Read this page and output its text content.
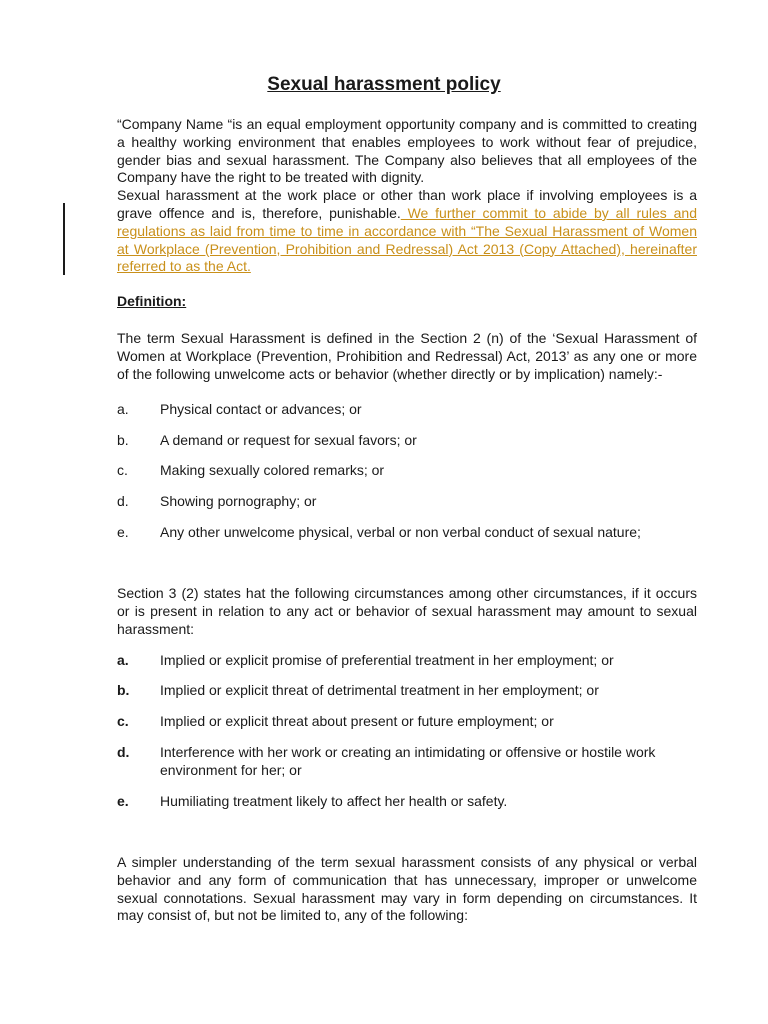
Sexual harassment policy

“Company Name “is an equal employment opportunity company and is committed to creating a healthy working environment that enables employees to work without fear of prejudice, gender bias and sexual harassment. The Company also believes that all employees of the Company have the right to be treated with dignity.

Sexual harassment at the work place or other than work place if involving employees is a grave offence and is, therefore, punishable. We further commit to abide by all rules and regulations as laid from time to time in accordance with “The Sexual Harassment of Women at Workplace (Prevention, Prohibition and Redressal) Act 2013 (Copy Attached), hereinafter referred to as the Act.

Definition:
The term Sexual Harassment is defined in the Section 2 (n) of the ‘Sexual Harassment of Women at Workplace (Prevention, Prohibition and Redressal) Act, 2013’ as any one or more of the following unwelcome acts or behavior (whether directly or by implication) namely:-
a.	Physical contact or advances; or
b.	A demand or request for sexual favors; or
c.	Making sexually colored remarks; or
d.	Showing pornography; or
e.	Any other unwelcome physical, verbal or non verbal conduct of sexual nature;
Section 3 (2) states hat the following circumstances among other circumstances, if it occurs or is present in relation to any act or behavior of sexual harassment may amount to sexual harassment:
a.	Implied or explicit promise of preferential treatment in her employment; or
b.	Implied or explicit threat of detrimental treatment in her employment; or
c.	Implied or explicit threat about present or future employment; or
d.	Interference with her work or creating an intimidating or offensive or hostile work environment for her; or
e.	Humiliating treatment likely to affect her health or safety.
A simpler understanding of the term sexual harassment consists of any physical or verbal behavior and any form of communication that has unnecessary, improper or unwelcome sexual connotations. Sexual harassment may vary in form depending on circumstances. It may consist of, but not be limited to, any of the following:
